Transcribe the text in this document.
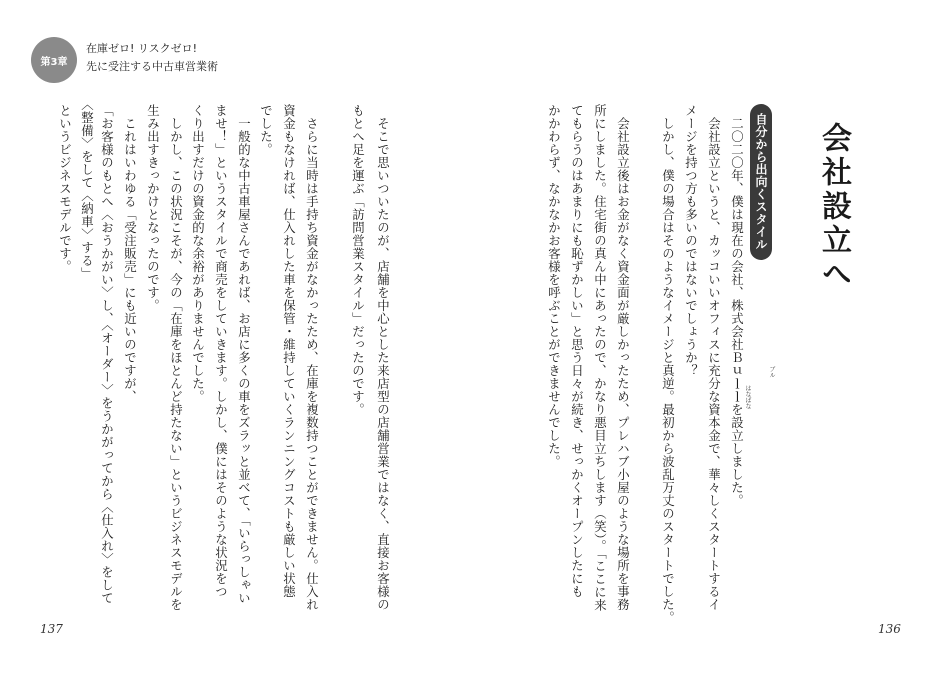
第3章
在庫ゼロ! リスクゼロ!
先に受注する中古車営業術
　そこで思いついたのが、店舗を中心とした来店型の店舗営業ではなく、直接お客様の
もとへ足を運ぶ「訪問営業スタイル」だったのです。
　さらに当時は手持ち資金がなかったため、在庫を複数持つことができません。仕入れ
資金もなければ、仕入れした車を保管・維持していくランニングコストも厳しい状態
でした。
　一般的な中古車屋さんであれば、お店に多くの車をズラッと並べて、「いらっしゃい
ませ！」というスタイルで商売をしていきます。しかし、僕にはそのような状況をつ
くり出すだけの資金的な余裕がありませんでした。
　しかし、この状況こそが、今の「在庫をほとんど持たない」というビジネスモデルを
生み出すきっかけとなったのです。
　これはいわゆる「受注販売」にも近いのですが、
「お客様のもとへ〈おうかがい〉し、〈オーダー〉をうかがってから〈仕入れ〉をして
〈整備〉をして〈納車〉する」
というビジネスモデルです。
137
会社設立へ
自分から出向くスタイル
ブル
はなばな
　二〇二〇年、僕は現在の会社、株式会社Ｂｕｌｌを設立しました。
　会社設立というと、カッコいいオフィスに充分な資本金で、華々しくスタートするイ
メージを持つ方も多いのではないでしょうか？
　しかし、僕の場合はそのようなイメージと真逆。最初から波乱万丈のスタートでした。
　会社設立後はお金がなく資金面が厳しかったため、プレハブ小屋のような場所を事務
所にしました。住宅街の真ん中にあったので、かなり悪目立ちします（笑）。「ここに来
てもらうのはあまりにも恥ずかしい」と思う日々が続き、せっかくオープンしたにも
かかわらず、なかなかお客様を呼ぶことができませんでした。
136
